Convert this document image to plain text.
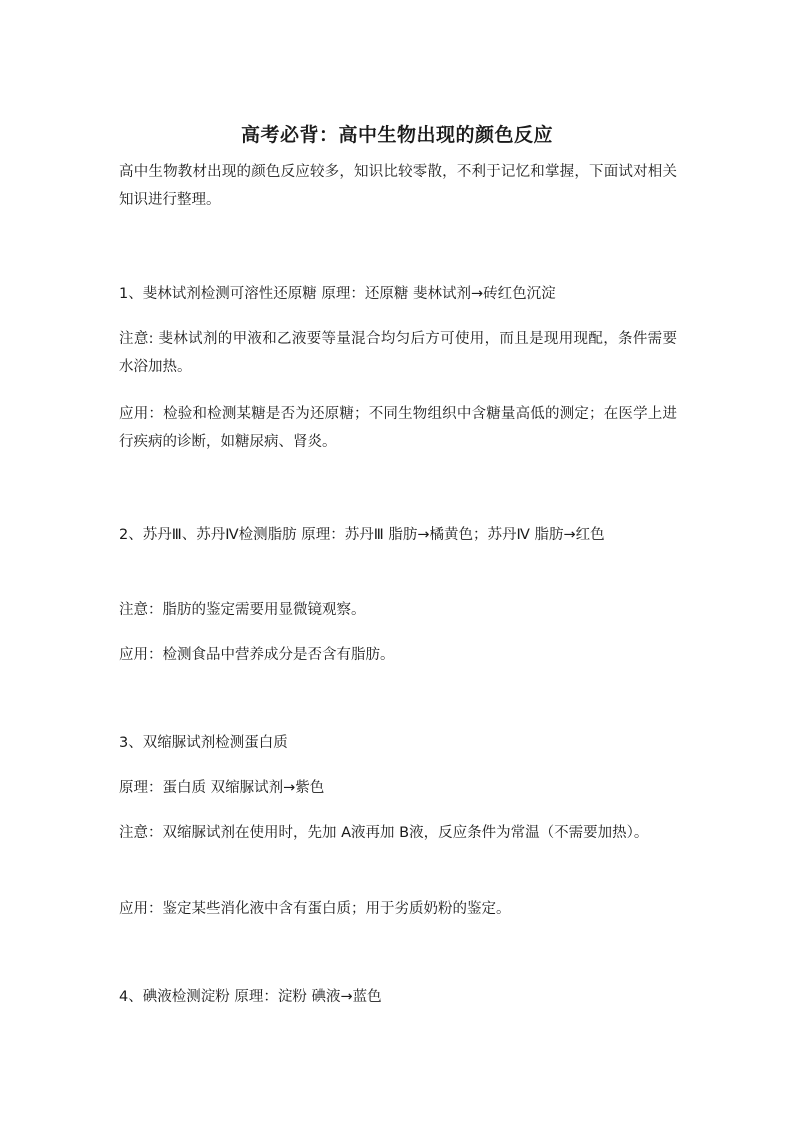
高考必背：高中生物出现的颜色反应
高中生物教材出现的颜色反应较多，知识比较零散，不利于记忆和掌握，下面试对相关知识进行整理。
1、斐林试剂检测可溶性还原糖 原理：还原糖 斐林试剂→砖红色沉淀
注意: 斐林试剂的甲液和乙液要等量混合均匀后方可使用，而且是现用现配，条件需要水浴加热。
应用：检验和检测某糖是否为还原糖；不同生物组织中含糖量高低的测定；在医学上进行疾病的诊断，如糖尿病、肾炎。
2、苏丹Ⅲ、苏丹Ⅳ检测脂肪 原理：苏丹Ⅲ 脂肪→橘黄色；苏丹Ⅳ 脂肪→红色
注意：脂肪的鉴定需要用显微镜观察。
应用：检测食品中营养成分是否含有脂肪。
3、双缩脲试剂检测蛋白质
原理：蛋白质 双缩脲试剂→紫色
注意：双缩脲试剂在使用时，先加 A液再加 B液，反应条件为常温（不需要加热）。
应用：鉴定某些消化液中含有蛋白质；用于劣质奶粉的鉴定。
4、碘液检测淀粉 原理：淀粉 碘液→蓝色
